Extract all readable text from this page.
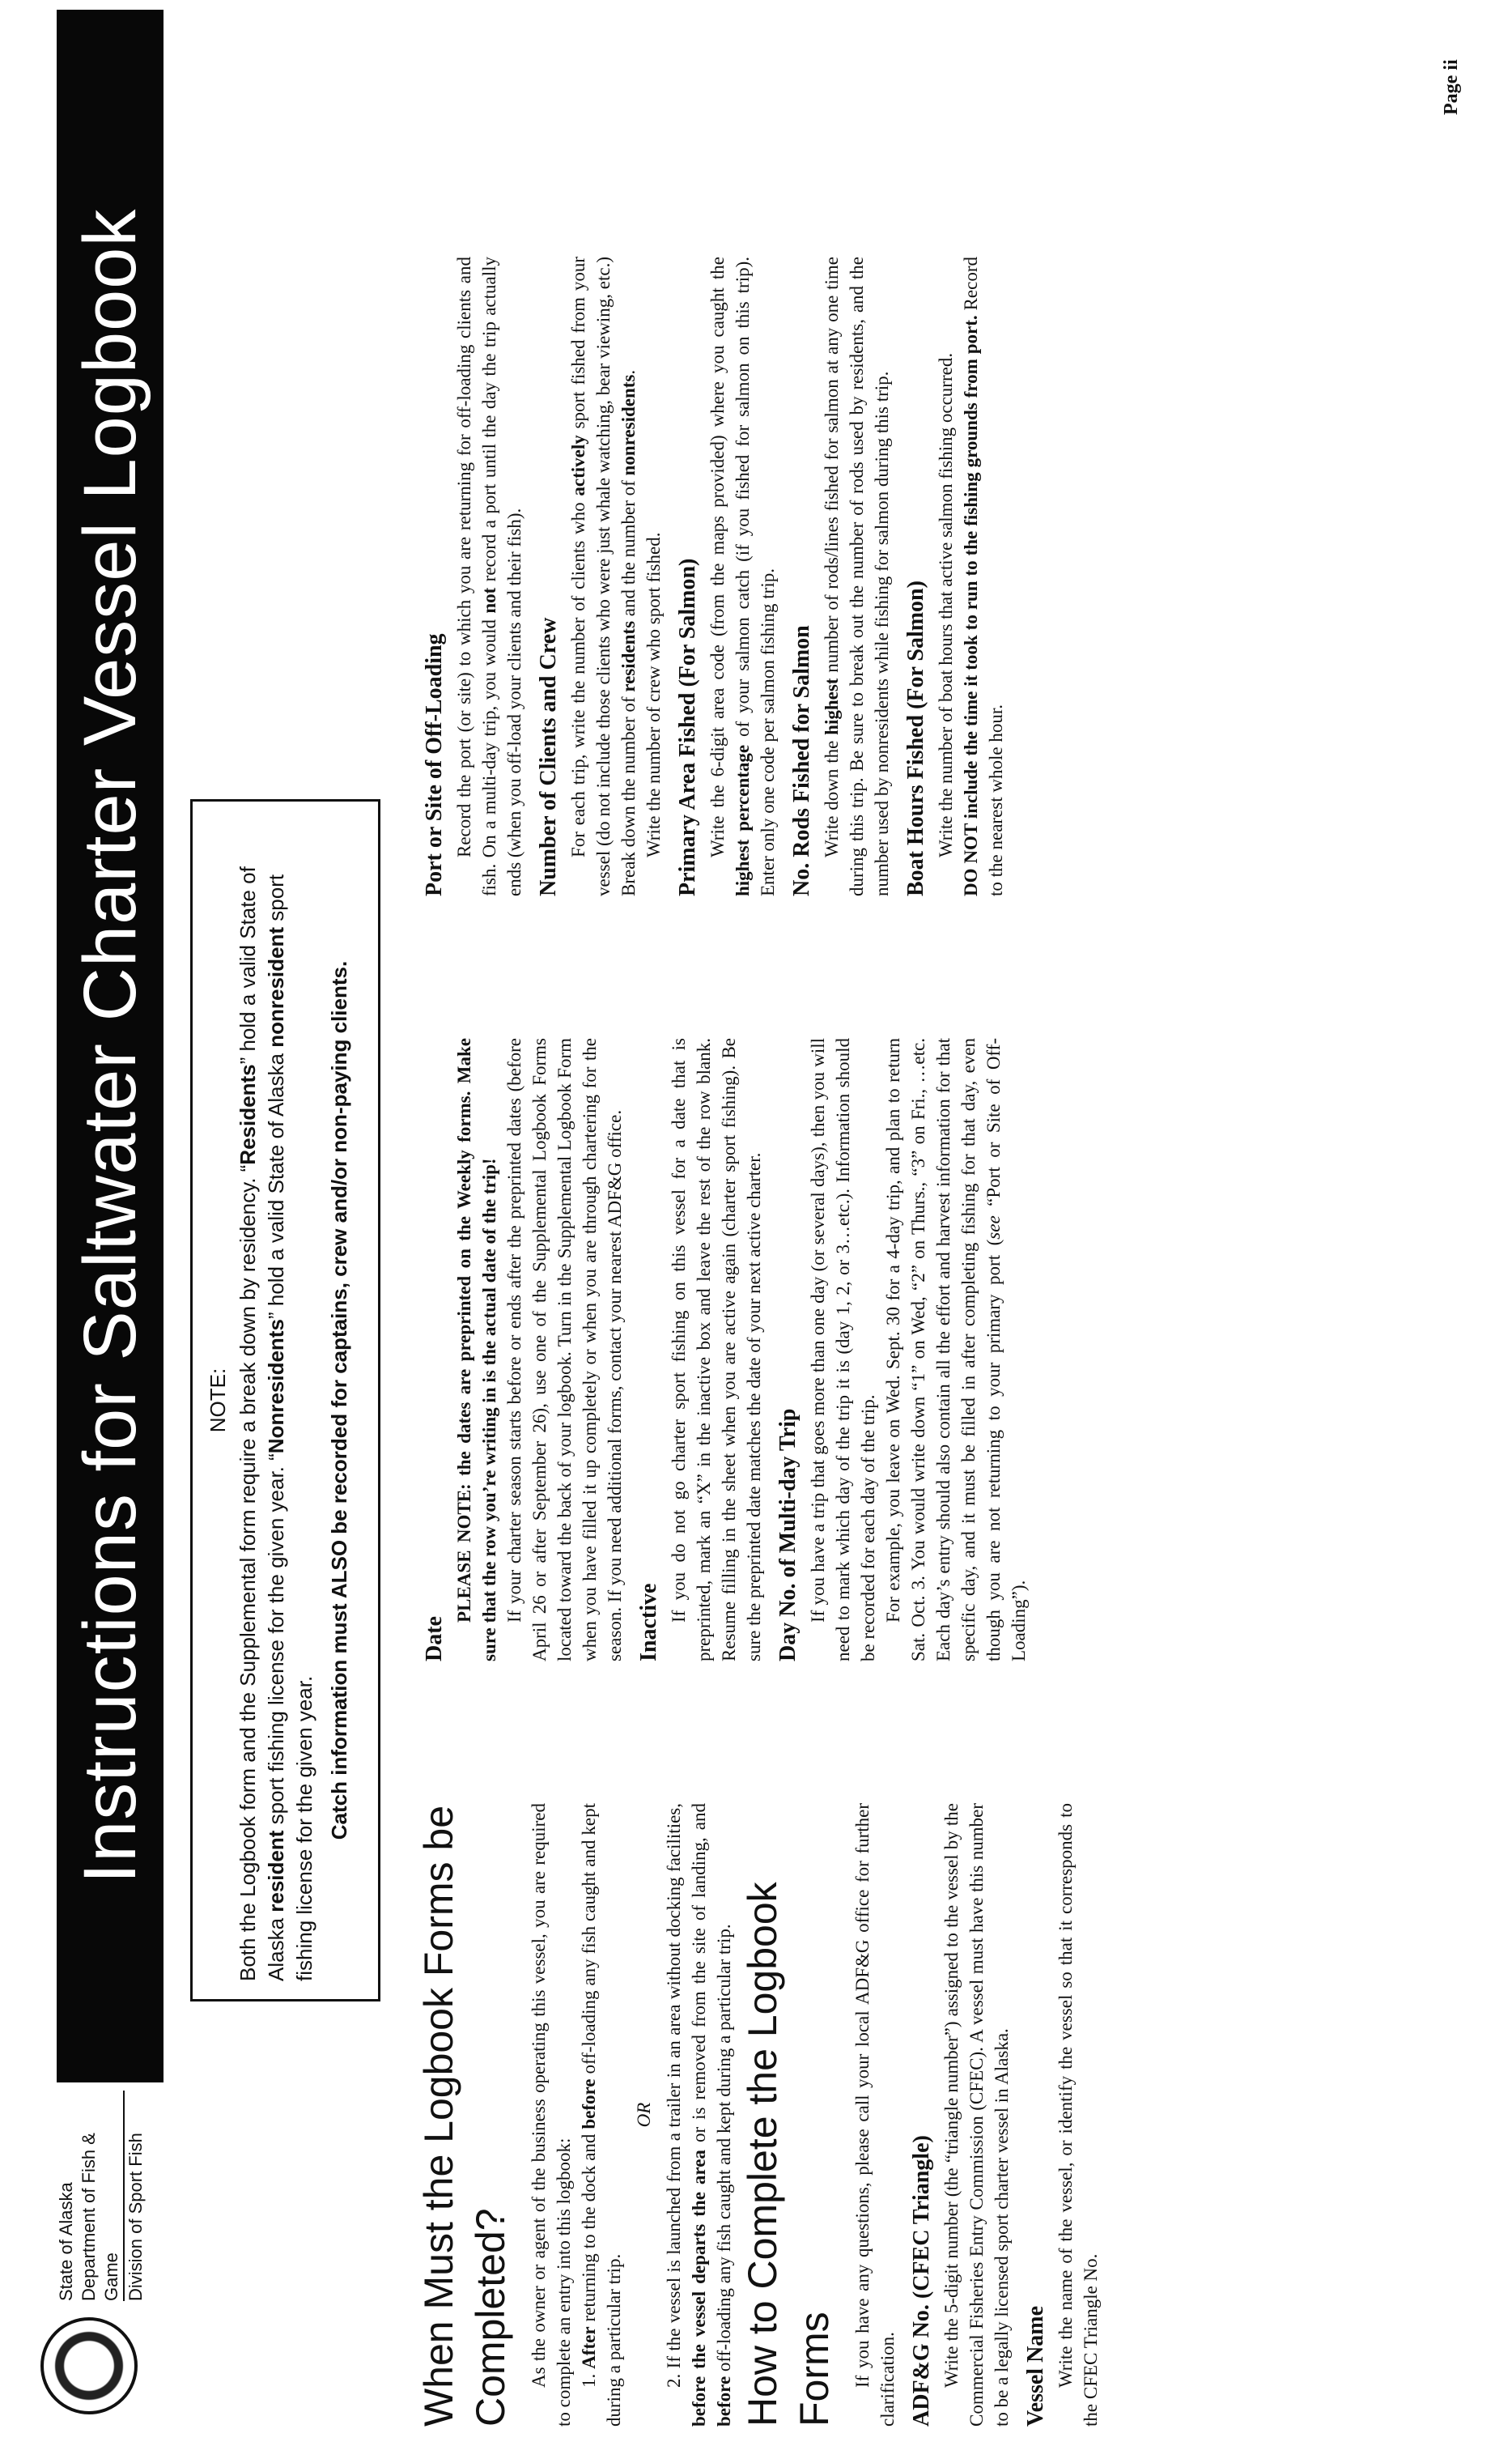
State of Alaska Department of Fish & Game Division of Sport Fish
Instructions for Saltwater Charter Vessel Logbook	NOTE: Both the Logbook form and the Supplemental form require a break down by residency. “Residents” hold a valid State of Alaska resident sport fishing license for the given year. “Nonresidents” hold a valid State of Alaska nonresident sport fishing license for the given year. Catch information must ALSO be recorded for captains, crew and/or non-paying clients.
When Must the Logbook Forms be Completed? As the owner or agent of the business operating this vessel, you are required to complete an entry into this logbook: 1. After returning to the dock and before off-loading any fish caught and kept during a particular trip.

OR 2. If the vessel is launched from a trailer in an area without docking facilities, before the vessel departs the area or is removed from the site of landing, and before off-loading any fish caught and kept during a particular trip. How to Complete the Logbook Forms If you have any questions, please call your local ADF&G office for further clarification. ADF&G No. (CFEC Triangle) Write the 5-digit number (the “triangle number”) assigned to the vessel by the Commercial Fisheries Entry Commission (CFEC). A vessel must have this number to be a legally licensed sport charter vessel in Alaska. Vessel Name Write the name of the vessel, or identify the vessel so that it corresponds to the CFEC Triangle No.

Date

PLEASE NOTE: the dates are preprinted on the Weekly forms. Make sure that the row you’re writing in is the actual date of the trip! If your charter season starts before or ends after the preprinted dates (before April 26 or after September 26), use one of the Supplemental Logbook Forms located toward the back of your logbook. Turn in the Supplemental Logbook Form when you have filled it up completely or when you are through chartering for the season. If you need additional forms, contact your nearest ADF&G office. Inactive If you do not go charter sport fishing on this vessel for a date that is preprinted, mark an “X” in the inactive box and leave the rest of the row blank. Resume filling in the sheet when you are active again (charter sport fishing). Be sure the preprinted date matches the date of your next active charter. Day No. of Multi-day Trip If you have a trip that goes more than one day (or several days), then you will need to mark which day of the trip it is (day 1, 2, or 3…etc.). Information should be recorded for each day of the trip. For example, you leave on Wed. Sept. 30 for a 4-day trip, and plan to return Sat. Oct. 3. You would write down “1” on Wed, “2” on Thurs., “3” on Fri., …etc. Each day’s entry should also contain all the effort and harvest information for that specific day, and it must be filled in after completing fishing for that day, even though you are not returning to your primary port (see “Port or Site of Off-Loading”).

Port or Site of Off-Loading Record the port (or site) to which you are returning for off-loading clients and fish. On a multi-day trip, you would not record a port until the day the trip actually ends (when you off-load your clients and their fish). Number of Clients and Crew For each trip, write the number of clients who actively sport fished from your vessel (do not include those clients who were just whale watching, bear viewing, etc.) Break down the number of residents and the number of nonresidents.

Write the number of crew who sport fished. Primary Area Fished (For Salmon) Write the 6-digit area code (from the maps provided) where you caught the highest percentage of your salmon catch (if you fished for salmon on this trip). Enter only one code per salmon fishing trip. No. Rods Fished for Salmon Write down the highest number of rods/lines fished for salmon at any one time during this trip. Be sure to break out the number of rods used by residents, and the number used by nonresidents while fishing for salmon during this trip. Boat Hours Fished (For Salmon) Write the number of boat hours that active salmon fishing occurred. DO NOT include the time it took to run to the fishing grounds from port. Record to the nearest whole hour.

Page ii
